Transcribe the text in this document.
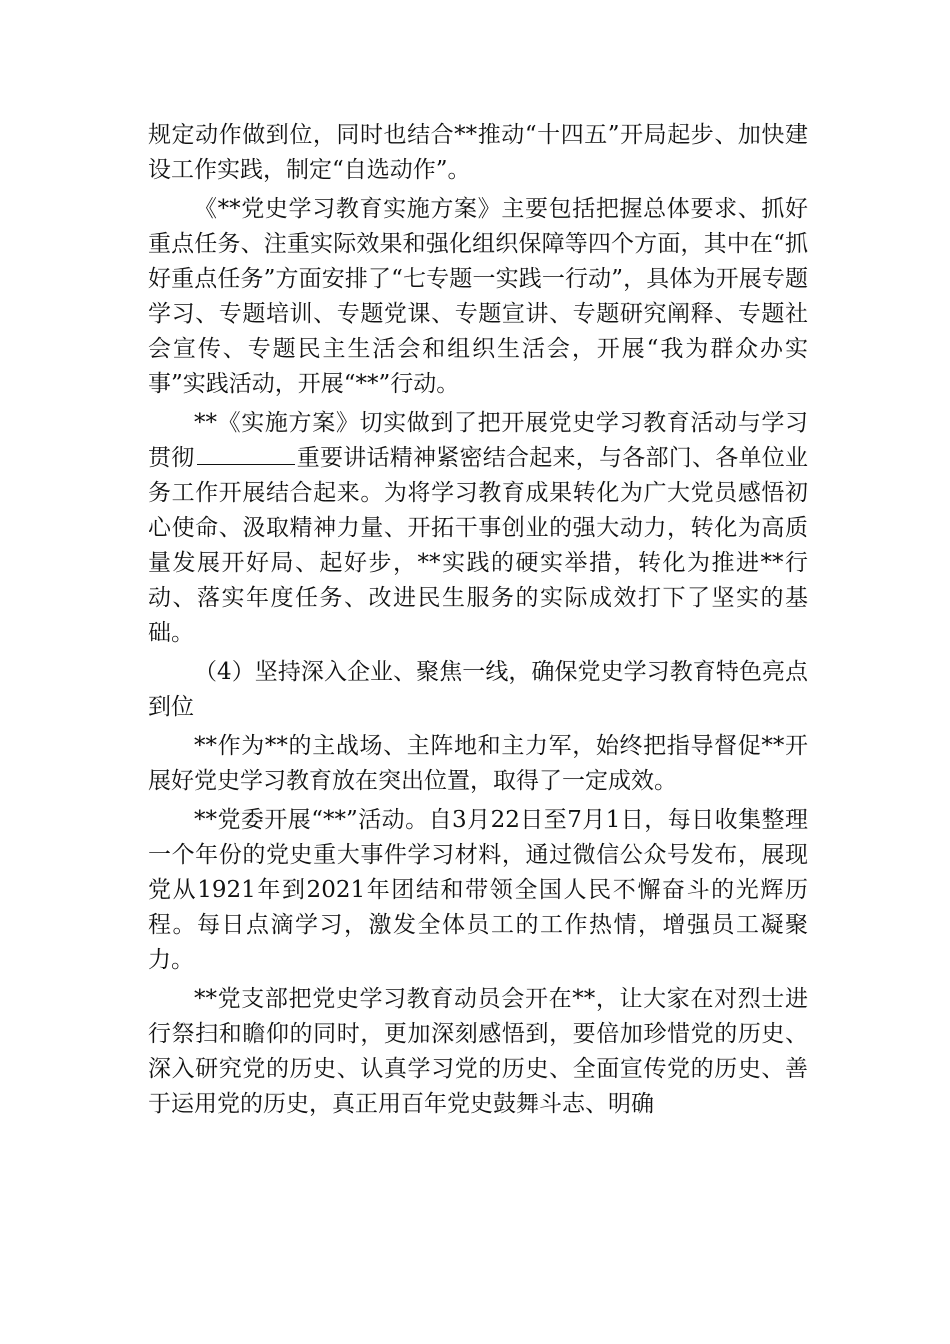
规定动作做到位，同时也结合**推动“十四五”开局起步、加快建设工作实践，制定“自选动作”。

《**党史学习教育实施方案》主要包括把握总体要求、抓好重点任务、注重实际效果和强化组织保障等四个方面，其中在“抓好重点任务”方面安排了“七专题一实践一行动”，具体为开展专题学习、专题培训、专题党课、专题宣讲、专题研究阐释、专题社会宣传、专题民主生活会和组织生活会，开展“我为群众办实事”实践活动，开展“**”行动。

**《实施方案》切实做到了把开展党史学习教育活动与学习贯彻	重要讲话精神紧密结合起来，与各部门、各单位业务工作开展结合起来。为将学习教育成果转化为广大党员感悟初心使命、汲取精神力量、开拓干事创业的强大动力，转化为高质量发展开好局、起好步，**实践的硬实举措，转化为推进**行动、落实年度任务、改进民生服务的实际成效打下了坚实的基础。

（4）坚持深入企业、聚焦一线，确保党史学习教育特色亮点到位

**作为**的主战场、主阵地和主力军，始终把指导督促**开展好党史学习教育放在突出位置，取得了一定成效。

**党委开展“**”活动。自3月22日至7月1日，每日收集整理一个年份的党史重大事件学习材料，通过微信公众号发布，展现党从1921年到2021年团结和带领全国人民不懈奋斗的光辉历程。每日点滴学习，激发全体员工的工作热情，增强员工凝聚力。

**党支部把党史学习教育动员会开在**，让大家在对烈士进行祭扫和瞻仰的同时，更加深刻感悟到，要倍加珍惜党的历史、深入研究党的历史、认真学习党的历史、全面宣传党的历史、善于运用党的历史，真正用百年党史鼓舞斗志、明确
